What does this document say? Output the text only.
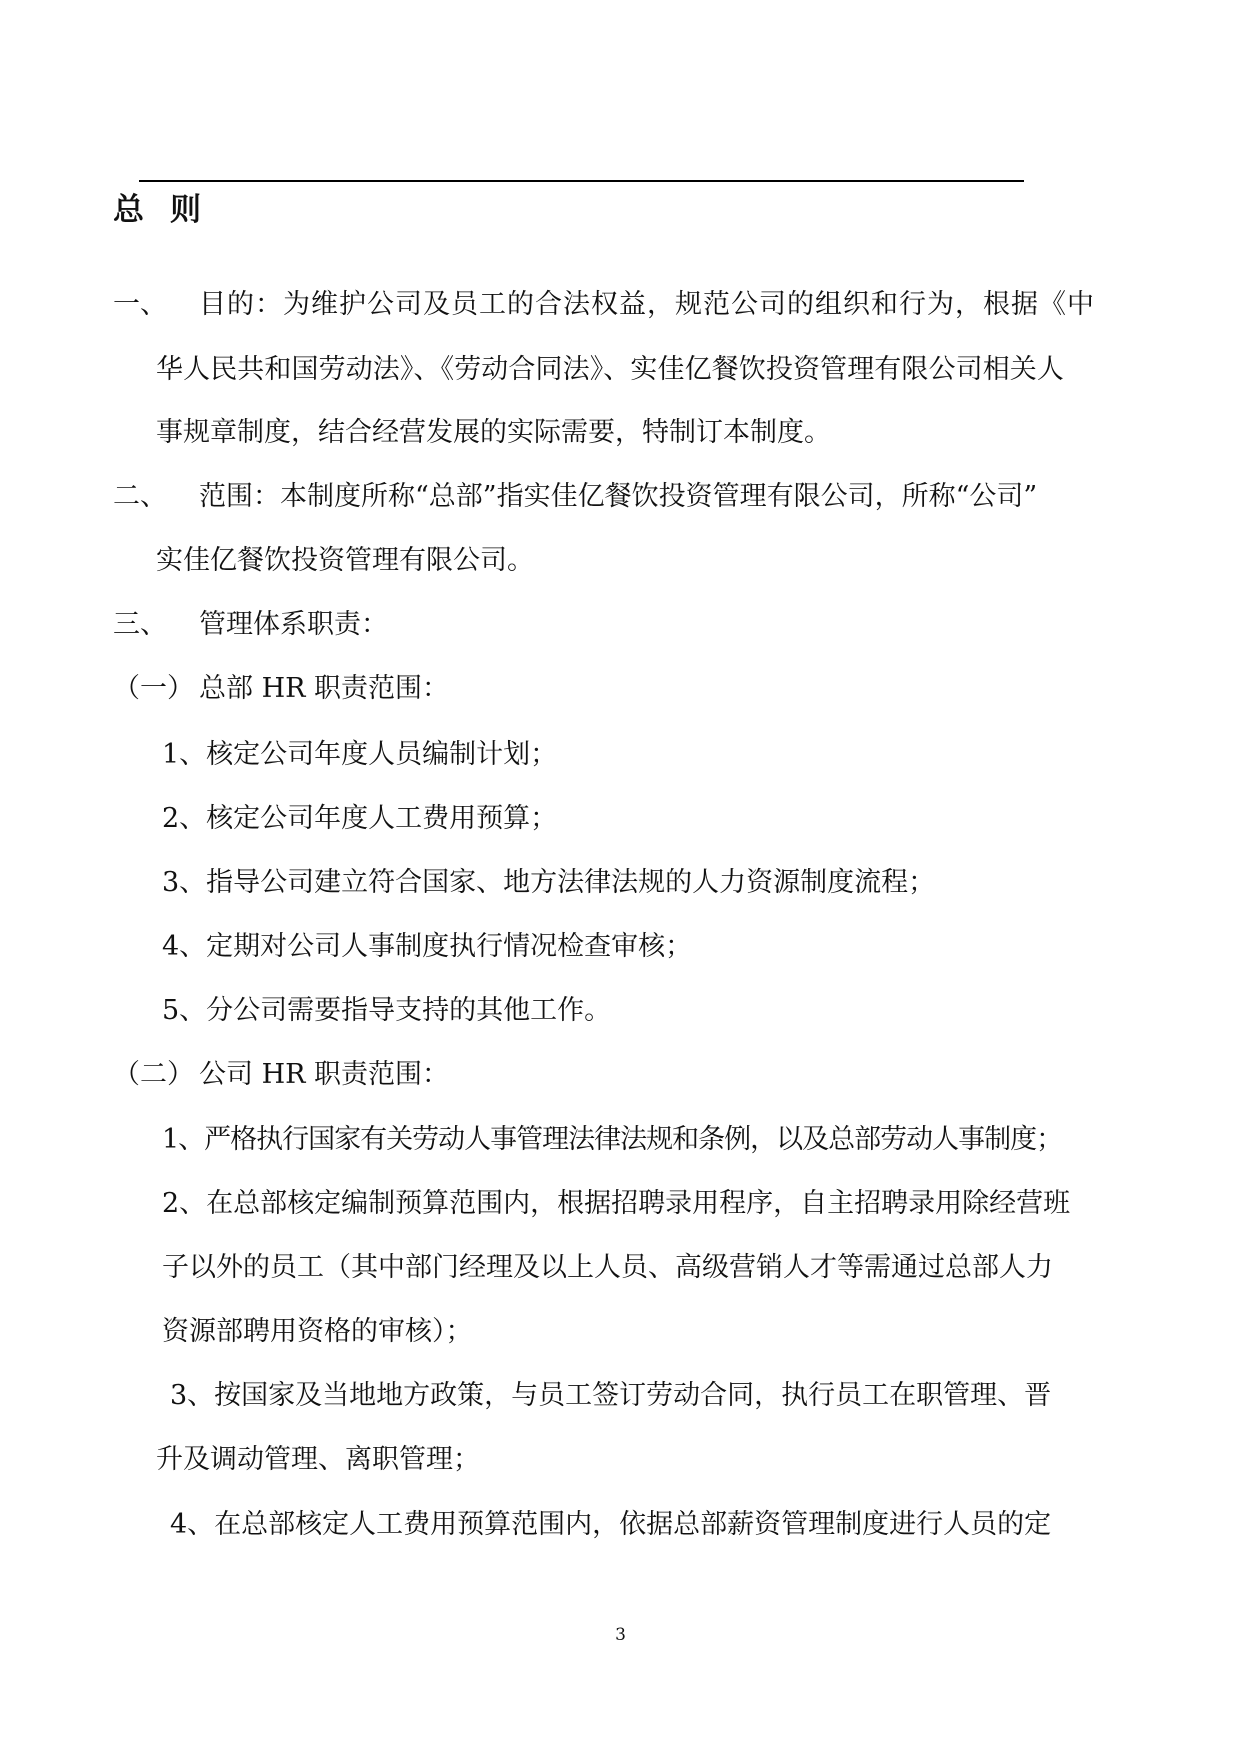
总则
一、 目的：为维护公司及员工的合法权益，规范公司的组织和行为，根据《中
华人民共和国劳动法》、《劳动合同法》、实佳亿餐饮投资管理有限公司相关人
事规章制度，结合经营发展的实际需要，特制订本制度。
二、 范围：本制度所称“总部”指实佳亿餐饮投资管理有限公司，所称“公司”
实佳亿餐饮投资管理有限公司。
三、 管理体系职责：
（一） 总部 HR 职责范围：
1、核定公司年度人员编制计划；
2、核定公司年度人工费用预算；
3、指导公司建立符合国家、地方法律法规的人力资源制度流程；
4、定期对公司人事制度执行情况检查审核；
5、分公司需要指导支持的其他工作。
（二） 公司 HR 职责范围：
1、严格执行国家有关劳动人事管理法律法规和条例，以及总部劳动人事制度；
2、在总部核定编制预算范围内，根据招聘录用程序，自主招聘录用除经营班
子以外的员工（其中部门经理及以上人员、高级营销人才等需通过总部人力
资源部聘用资格的审核）；
3、按国家及当地地方政策，与员工签订劳动合同，执行员工在职管理、晋
升及调动管理、离职管理；
4、在总部核定人工费用预算范围内，依据总部薪资管理制度进行人员的定
3
